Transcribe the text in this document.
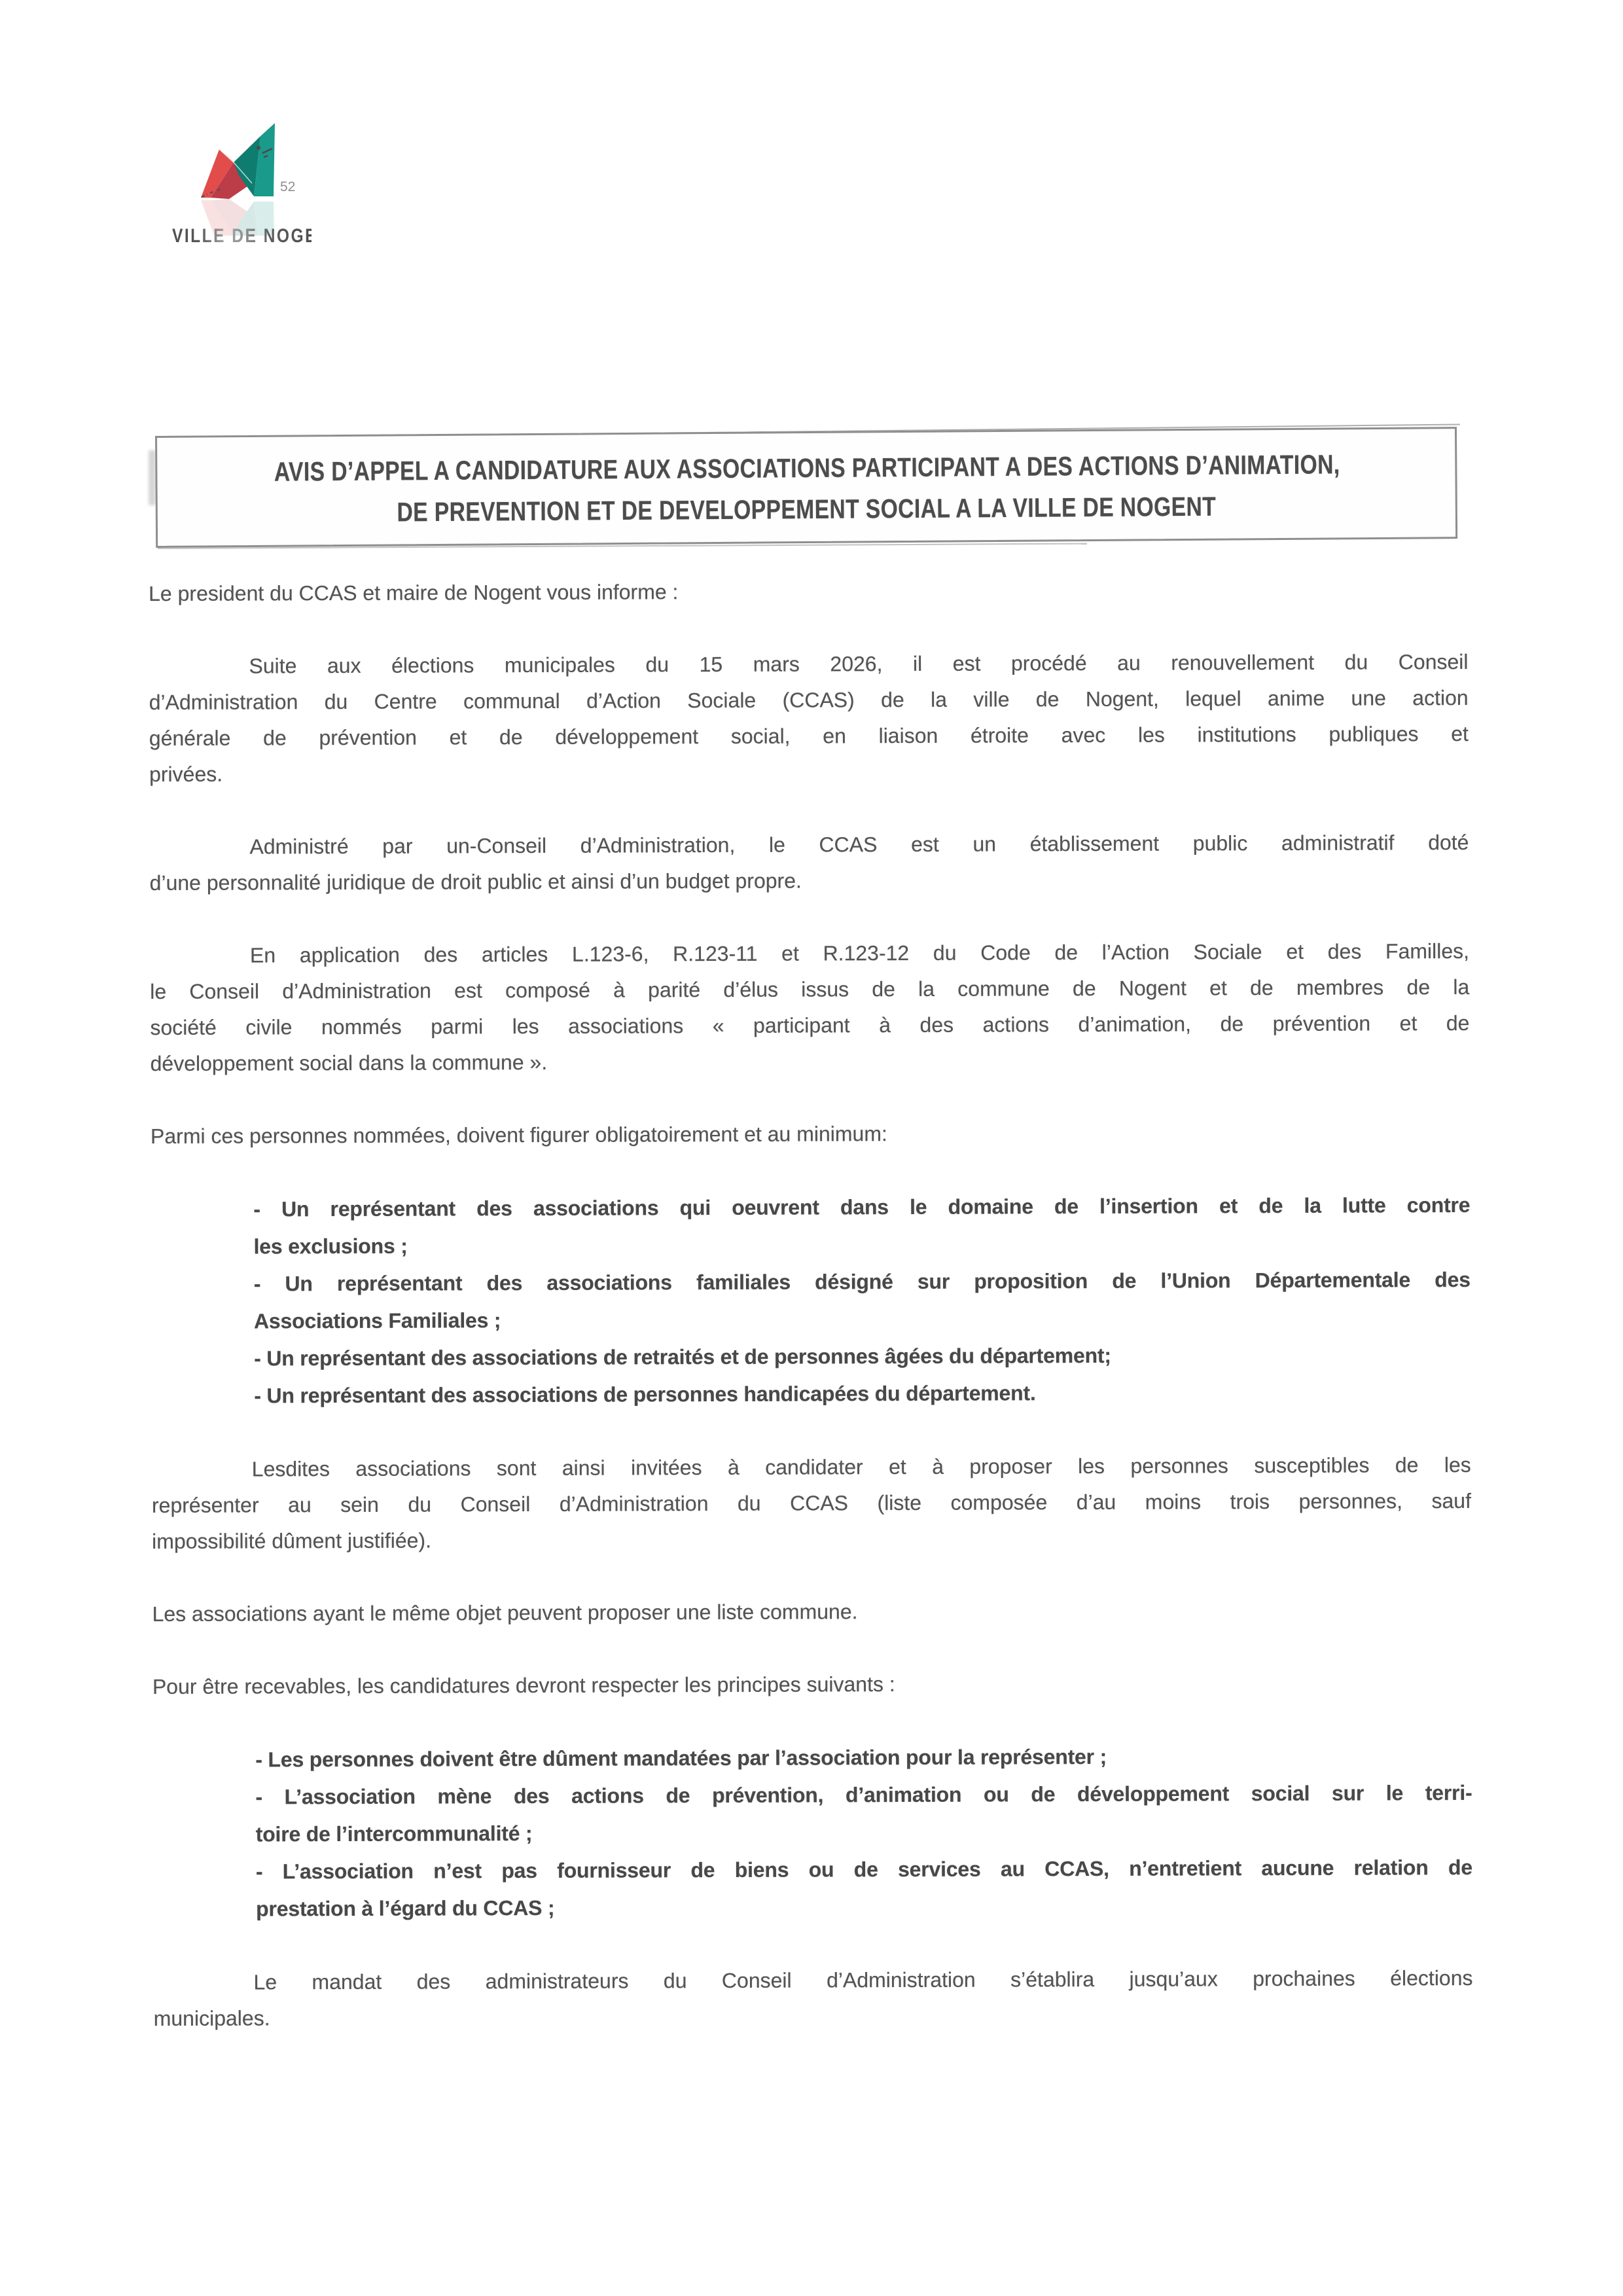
52
VILLE DE NOGENT
AVIS D’APPEL A CANDIDATURE AUX ASSOCIATIONS PARTICIPANT A DES ACTIONS D’ANIMATION,
DE PREVENTION ET DE DEVELOPPEMENT SOCIAL A LA VILLE DE NOGENT
Le president du CCAS et maire de Nogent vous informe :
Suite aux élections municipales du 15 mars 2026, il est procédé au renouvellement du Conseil
d’Administration du Centre communal d’Action Sociale (CCAS) de la ville de Nogent, lequel anime une action
générale de prévention et de développement social, en liaison étroite avec les institutions publiques et
privées.
Administré par un-Conseil d’Administration, le CCAS est un établissement public administratif doté
d’une personnalité juridique de droit public et ainsi d’un budget propre.
En application des articles L.123-6, R.123-11 et R.123-12 du Code de l’Action Sociale et des Familles,
le Conseil d’Administration est composé à parité d’élus issus de la commune de Nogent et de membres de la
société civile nommés parmi les associations « participant à des actions d’animation, de prévention et de
développement social dans la commune ».
Parmi ces personnes nommées, doivent figurer obligatoirement et au minimum:
- Un représentant des associations qui oeuvrent dans le domaine de l’insertion et de la lutte contre
les exclusions ;
- Un représentant des associations familiales désigné sur proposition de l’Union Départementale des
Associations Familiales ;
- Un représentant des associations de retraités et de personnes âgées du département;
- Un représentant des associations de personnes handicapées du département.
Lesdites associations sont ainsi invitées à candidater et à proposer les personnes susceptibles de les
représenter au sein du Conseil d’Administration du CCAS (liste composée d’au moins trois personnes, sauf
impossibilité dûment justifiée).
Les associations ayant le même objet peuvent proposer une liste commune.
Pour être recevables, les candidatures devront respecter les principes suivants :
- Les personnes doivent être dûment mandatées par l’association pour la représenter ;
- L’association mène des actions de prévention, d’animation ou de développement social sur le terri-
toire de l’intercommunalité ;
- L’association n’est pas fournisseur de biens ou de services au CCAS, n’entretient aucune relation de
prestation à l’égard du CCAS ;
Le mandat des administrateurs du Conseil d’Administration s’établira jusqu’aux prochaines élections
municipales.
